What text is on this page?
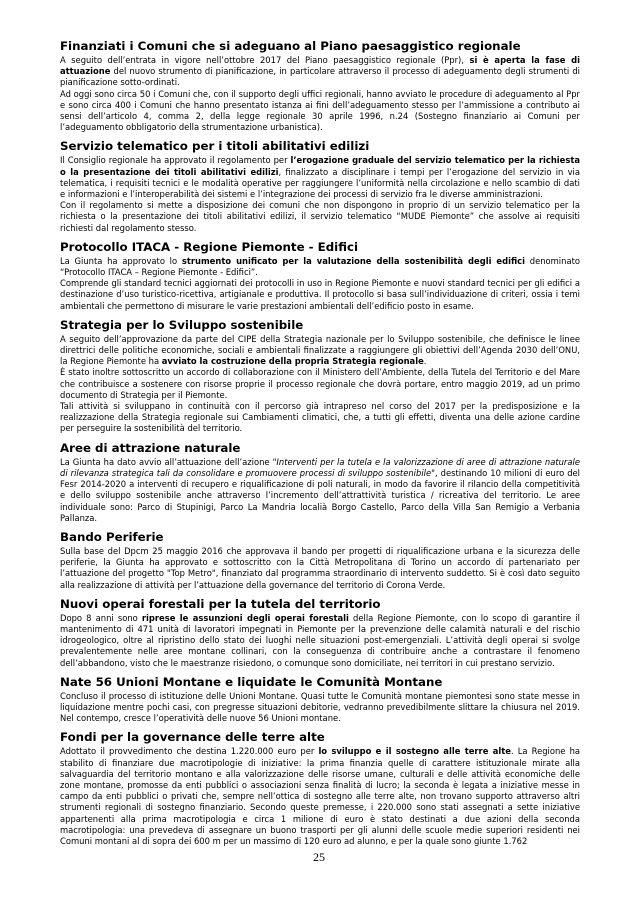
Finanziati i Comuni che si adeguano al Piano paesaggistico regionale

A seguito dell’entrata in vigore nell’ottobre 2017 del Piano paesaggistico regionale (Ppr), si è aperta la fase di attuazione del nuovo strumento di pianificazione, in particolare attraverso il processo di adeguamento degli strumenti di pianificazione sotto-ordinati.

Ad oggi sono circa 50 i Comuni che, con il supporto degli uffici regionali, hanno avviato le procedure di adeguamento al Ppr e sono circa 400 i Comuni che hanno presentato istanza ai fini dell’adeguamento stesso per l’ammissione a contributo ai sensi dell’articolo 4, comma 2, della legge regionale 30 aprile 1996, n.24 (Sostegno finanziario ai Comuni per l’adeguamento obbligatorio della strumentazione urbanistica).

Servizio telematico per i titoli abilitativi edilizi

Il Consiglio regionale ha approvato il regolamento per l’erogazione graduale del servizio telematico per la richiesta o la presentazione dei titoli abilitativi edilizi, finalizzato a disciplinare i tempi per l’erogazione del servizio in via telematica, i requisiti tecnici e le modalità operative per raggiungere l’uniformità nella circolazione e nello scambio di dati e informazioni e l’interoperabilità dei sistemi e l’integrazione dei processi di servizio fra le diverse amministrazioni.

Con il regolamento si mette a disposizione dei comuni che non dispongono in proprio di un servizio telematico per la richiesta o la presentazione dei titoli abilitativi edilizi, il servizio telematico “MUDE Piemonte” che assolve ai requisiti richiesti dal regolamento stesso.

Protocollo ITACA - Regione Piemonte - Edifici

La Giunta ha approvato lo strumento unificato per la valutazione della sostenibilità degli edifici denominato “Protocollo ITACA – Regione Piemonte - Edifici”.

Comprende gli standard tecnici aggiornati dei protocolli in uso in Regione Piemonte e nuovi standard tecnici per gli edifici a destinazione d’uso turistico-ricettiva, artigianale e produttiva. Il protocollo si basa sull’individuazione di criteri, ossia i temi ambientali che permettono di misurare le varie prestazioni ambientali dell’edificio posto in esame.

Strategia per lo Sviluppo sostenibile

A seguito dell’approvazione da parte del CIPE della Strategia nazionale per lo Sviluppo sostenibile, che definisce le linee direttrici delle politiche economiche, sociali e ambientali finalizzate a raggiungere gli obiettivi dell’Agenda 2030 dell’ONU, la Regione Piemonte ha avviato la costruzione della propria Strategia regionale.

È stato inoltre sottoscritto un accordo di collaborazione con il Ministero dell’Ambiente, della Tutela del Territorio e del Mare che contribuisce a sostenere con risorse proprie il processo regionale che dovrà portare, entro maggio 2019, ad un primo documento di Strategia per il Piemonte.

Tali attività si sviluppano in continuità con il percorso già intrapreso nel corso del 2017 per la predisposizione e la realizzazione della Strategia regionale sui Cambiamenti climatici, che, a tutti gli effetti, diventa una delle azione cardine per perseguire la sostenibilità del territorio.

Aree di attrazione naturale

La Giunta ha dato avvio all’attuazione dell’azione "Interventi per la tutela e la valorizzazione di aree di attrazione naturale di rilevanza strategica tali da consolidare e promuovere processi di sviluppo sostenibile", destinando 10 milioni di euro del Fesr 2014-2020 a interventi di recupero e riqualificazione di poli naturali, in modo da favorire il rilancio della competitività e dello sviluppo sostenibile anche attraverso l’incremento dell’attrattività turistica / ricreativa del territorio. Le aree individuale sono: Parco di Stupinigi, Parco La Mandria localià Borgo Castello, Parco della Villa San Remigio a Verbania Pallanza.

Bando Periferie

Sulla base del Dpcm 25 maggio 2016 che approvava il bando per progetti di riqualificazione urbana e la sicurezza delle periferie, la Giunta ha approvato e sottoscritto con la Città Metropolitana di Torino un accordo di partenariato per l’attuazione del progetto "Top Metro", finanziato dal programma straordinario di intervento suddetto. Si è così dato seguito alla realizzazione di attività per l’attuazione della governance del territorio di Corona Verde.

Nuovi operai forestali per la tutela del territorio

Dopo 8 anni sono riprese le assunzioni degli operai forestali della Regione Piemonte, con lo scopo di garantire il mantenimento di 471 unità di lavoratori impegnati in Piemonte per la prevenzione delle calamità naturali e del rischio idrogeologico, oltre al ripristino dello stato dei luoghi nelle situazioni post-emergenziali. L’attività degli operai si svolge prevalentemente nelle aree montane collinari, con la conseguenza di contribuire anche a contrastare il fenomeno dell’abbandono, visto che le maestranze risiedono, o comunque sono domiciliate, nei territori in cui prestano servizio.

Nate 56 Unioni Montane e liquidate le Comunità Montane

Concluso il processo di istituzione delle Unioni Montane. Quasi tutte le Comunità montane piemontesi sono state messe in liquidazione mentre pochi casi, con pregresse situazioni debitorie, vedranno prevedibilmente slittare la chiusura nel 2019. Nel contempo, cresce l’operatività delle nuove 56 Unioni montane.

Fondi per la governance delle terre alte

Adottato il provvedimento che destina 1.220.000 euro per lo sviluppo e il sostegno alle terre alte. La Regione ha stabilito di finanziare due macrotipologie di iniziative: la prima finanzia quelle di carattere istituzionale mirate alla salvaguardia del territorio montano e alla valorizzazione delle risorse umane, culturali e delle attività economiche delle zone montane, promosse da enti pubblici o associazioni senza finalità di lucro; la seconda è legata a iniziative messe in campo da enti pubblici o privati che, sempre nell’ottica di sostegno alle terre alte, non trovano supporto attraverso altri strumenti regionali di sostegno finanziario. Secondo queste premesse, i 220.000 sono stati assegnati a sette iniziative appartenenti alla prima macrotipologia e circa 1 milione di euro è stato destinati a due azioni della seconda macrotipologia: una prevedeva di assegnare un buono trasporti per gli alunni delle scuole medie superiori residenti nei Comuni montani al di sopra dei 600 m per un massimo di 120 euro ad alunno, e per la quale sono giunte 1.762

25
